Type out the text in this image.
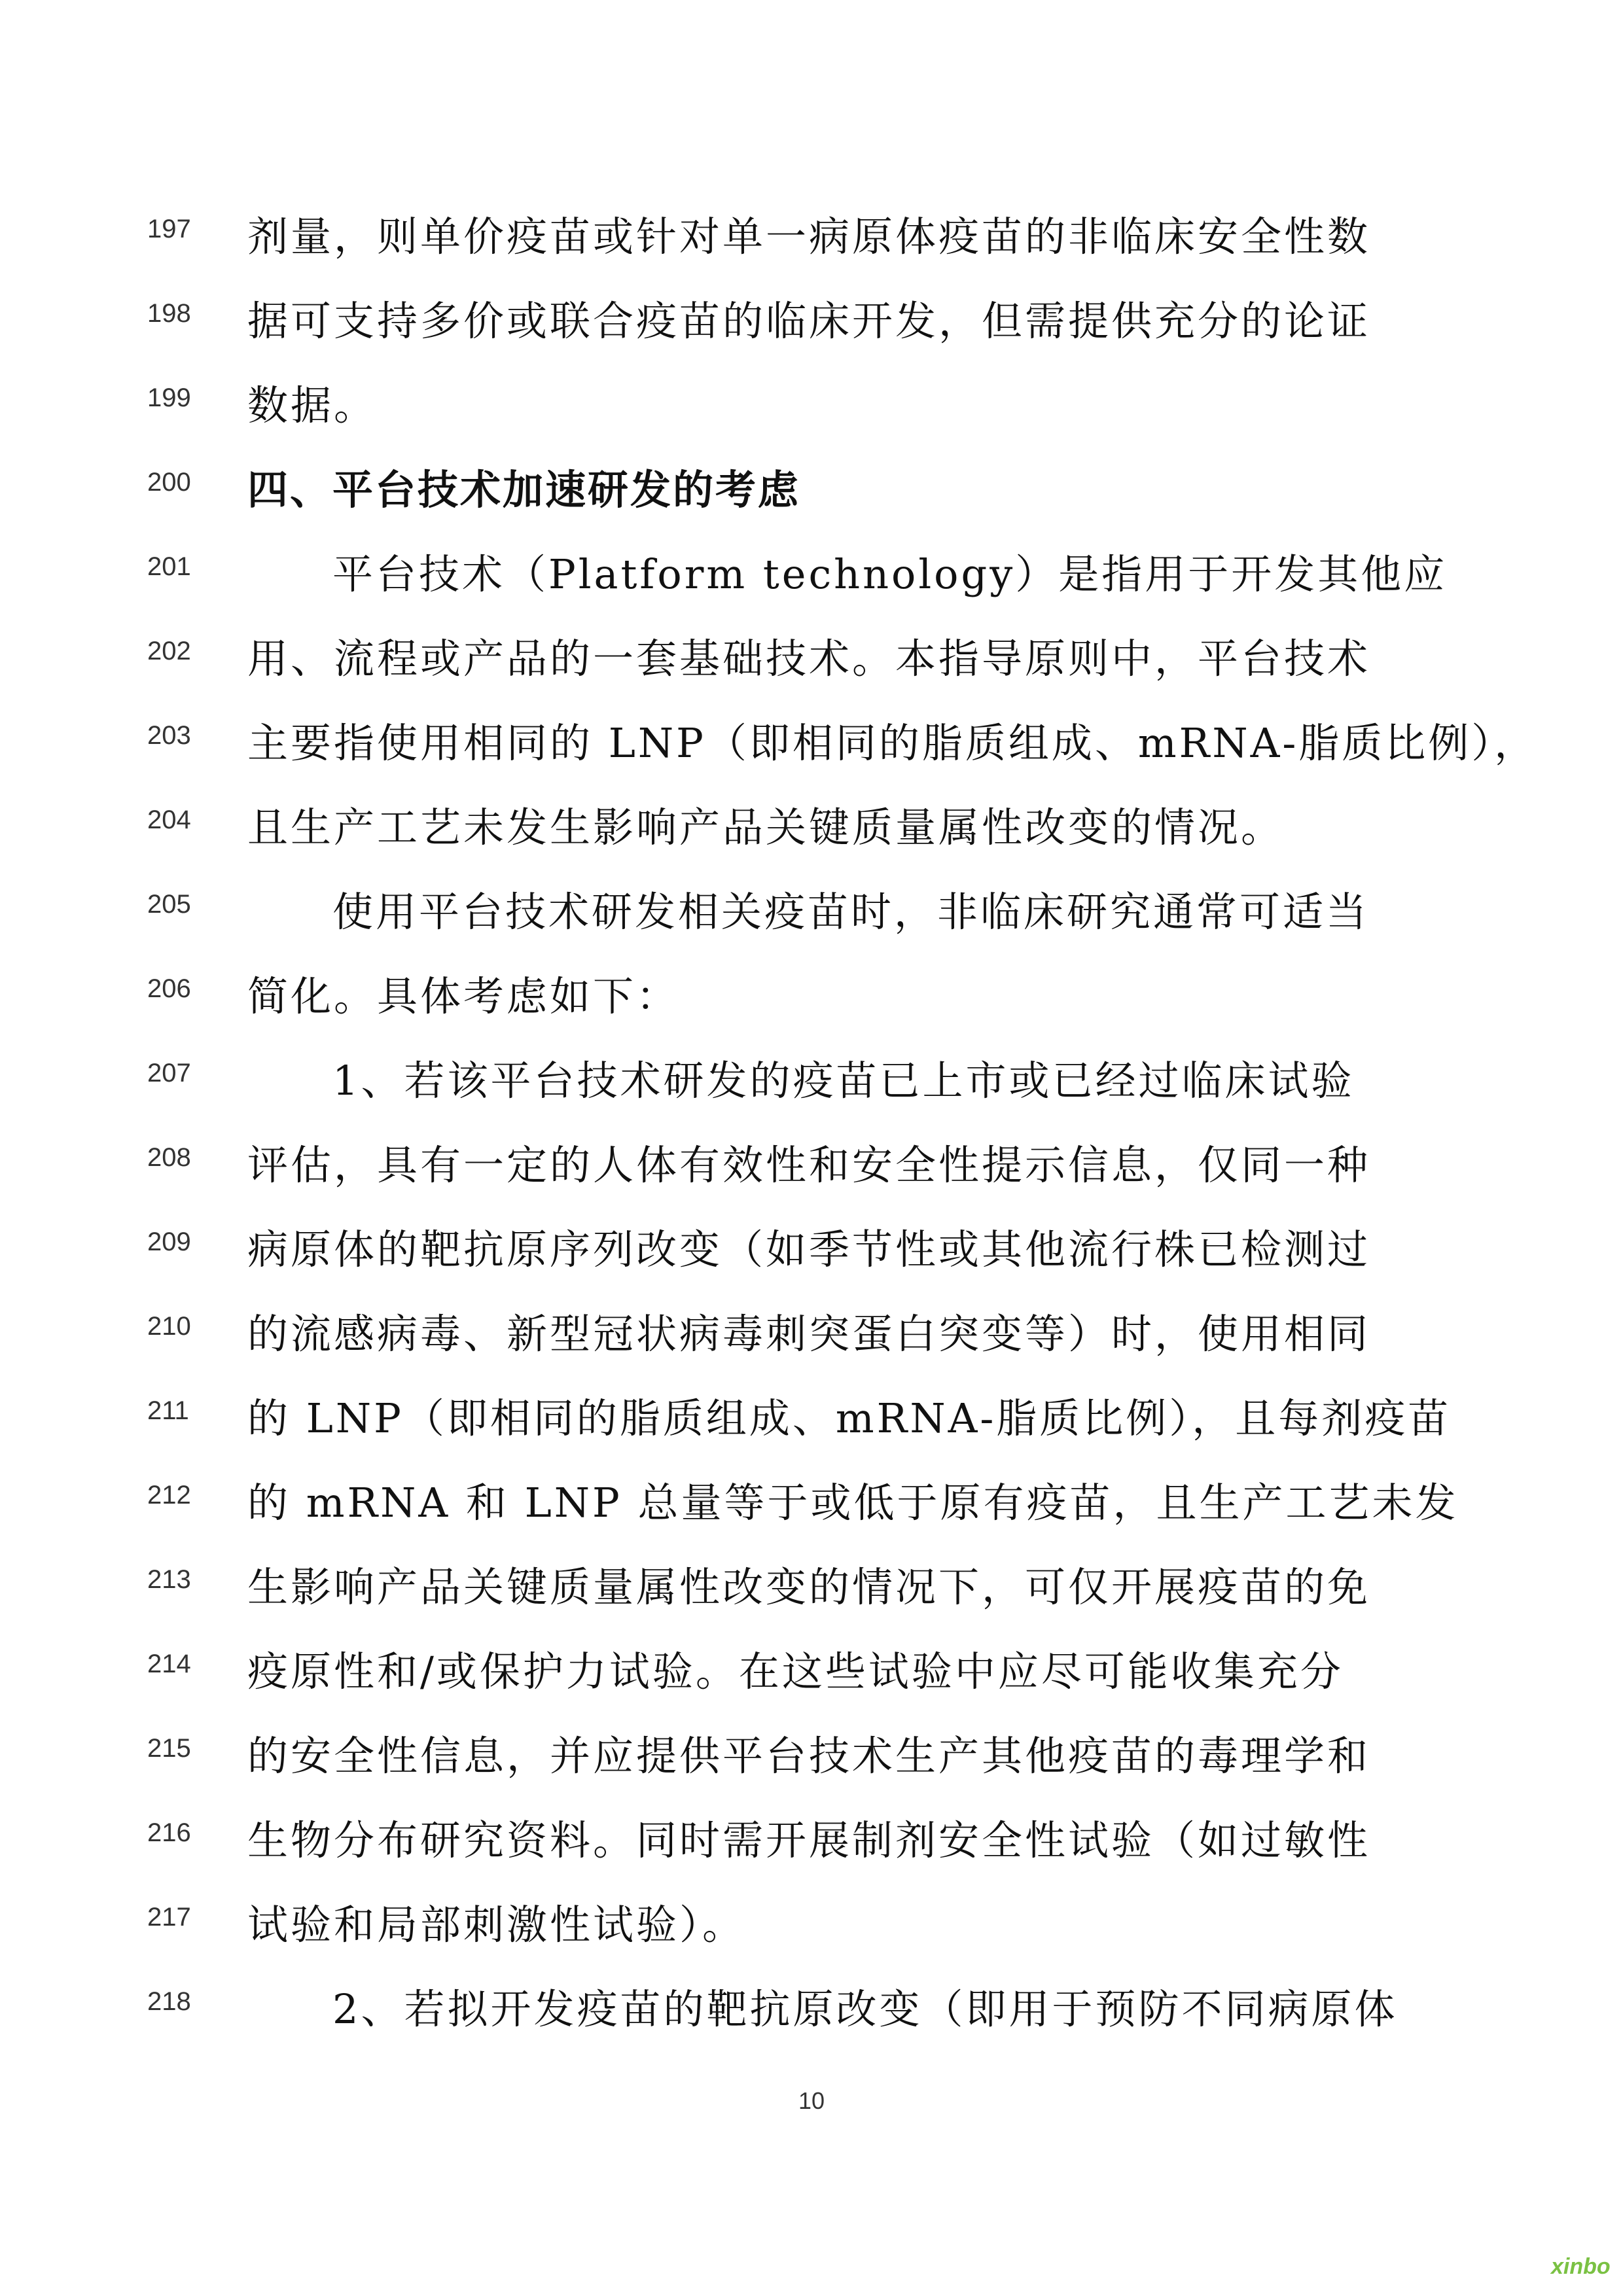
197 剂量，则单价疫苗或针对单一病原体疫苗的非临床安全性数
198 据可支持多价或联合疫苗的临床开发，但需提供充分的论证
199 数据。
200 四、平台技术加速研发的考虑
201	平台技术（Platform technology）是指用于开发其他应
202 用、流程或产品的一套基础技术。本指导原则中，平台技术
203 主要指使用相同的 LNP（即相同的脂质组成、mRNA-脂质比例），
204 且生产工艺未发生影响产品关键质量属性改变的情况。
205	使用平台技术研发相关疫苗时，非临床研究通常可适当
206 简化。具体考虑如下：
207	1、若该平台技术研发的疫苗已上市或已经过临床试验
208 评估，具有一定的人体有效性和安全性提示信息，仅同一种
209 病原体的靶抗原序列改变（如季节性或其他流行株已检测过
210 的流感病毒、新型冠状病毒刺突蛋白突变等）时，使用相同
211 的 LNP（即相同的脂质组成、mRNA-脂质比例），且每剂疫苗
212 的 mRNA 和 LNP 总量等于或低于原有疫苗，且生产工艺未发
213 生影响产品关键质量属性改变的情况下，可仅开展疫苗的免
214 疫原性和/或保护力试验。在这些试验中应尽可能收集充分
215 的安全性信息，并应提供平台技术生产其他疫苗的毒理学和
216 生物分布研究资料。同时需开展制剂安全性试验（如过敏性
217 试验和局部刺激性试验）。
218	2、若拟开发疫苗的靶抗原改变（即用于预防不同病原体
10
xinbo
